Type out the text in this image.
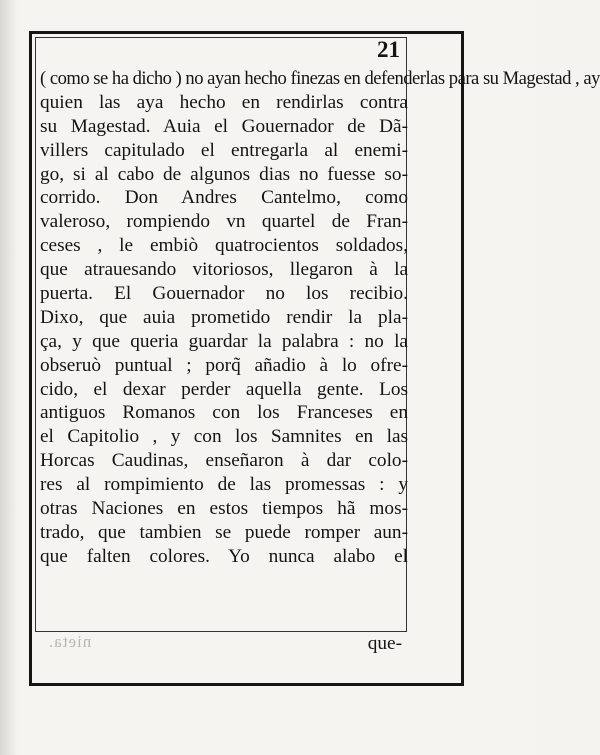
21
( como se ha dicho ) no ayan hecho finezas en defenderlas para su Magestad , ay
quien las aya hecho en rendirlas contra
su Magestad. Auia el Gouernador de Dã-
villers capitulado el entregarla al enemi-
go, si al cabo de algunos dias no fuesse so-
corrido. Don Andres Cantelmo, como
valeroso, rompiendo vn quartel de Fran-
ceses , le embiò quatrocientos soldados,
que atrauesando vitoriosos, llegaron à la
puerta. El Gouernador no los recibio.
Dixo, que auia prometido rendir la pla-
ça, y que queria guardar la palabra : no la
obseruò puntual ; porq̃ añadio à lo ofre-
cido, el dexar perder aquella gente. Los
antiguos Romanos con los Franceses en
el Capitolio , y con los Samnites en las
Horcas Caudinas, enseñaron à dar colo-
res al rompimiento de las promessas : y
otras Naciones en estos tiempos hã mos-
trado, que tambien se puede romper aun-
que falten colores. Yo nunca alabo el
nieta.	que-
